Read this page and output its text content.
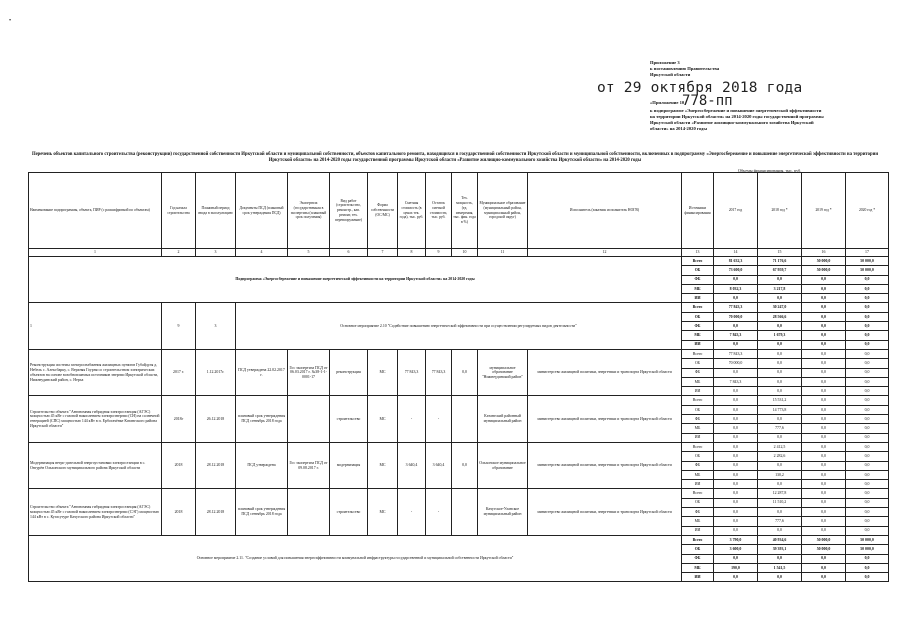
•
Приложение 3
к постановлению Правительства
Иркутской области
«Приложение 10
к подпрограмме «Энергосбережение и повышение энергетической эффективности
на территории Иркутской области» на 2014-2020 годы государственной программы
Иркутской области «Развитие жилищно-коммунального хозяйства Иркутской
области» на 2014-2020 годы
от 29 октября 2018 года
778-пп
Перечень объектов капитального строительства (реконструкции) государственной собственности Иркутской области и муниципальной собственности, объектов капитального ремонта, находящихся в государственной собственности Иркутской области и муниципальной собственности, включенных в подпрограмму «Энергосбережение и повышение энергетической эффективности на территории Иркутской области» на 2014-2020 годы государственной программы Иркутской области «Развитие жилищно-коммунального хозяйства Иркутской области» на 2014-2020 годы
Объемы финансирования, тыс. руб.
Наименование подпрограммы, объекта, ПИР (с расшифровкой по объектам)	Год начала строительства	Плановый период ввода в эксплуатацию	Документы ПСД (плановый срок утверждения ПСД)	Экспертиза (государственная в экспертизы (плановый срок получения)	Вид работ (строительство, реконстр., кап. ремонт, тех. перевооружение)	Форма собственности (ОС/МС)	Сметная стоимость (в ценах тек. года), тыс. руб.	Остаток сметной стоимости, тыс. руб.	Тех. мощность, (ед. измерения, тыс. фин. года в %)	Муниципальное образование (муниципальный район, муниципальный район, городской округ)	Исполнитель (заказчик исполнитель НОГВ)	Источники финансирования	2017 год	2018 год *	2019 год *	2020 год *
1	2	3	4	5	6	7	8	9	10	11	12	13	14	15	16	17
Подпрограмма «Энергосбережение и повышение энергетической эффективности на территории Иркутской области» на 2014-2020 годы												Всего	81 632,3	71 176,6	50 000,0	50 000,0
												ОБ	73 600,0	67 959,7	50 000,0	50 000,0
												ФБ	0,0	0,0	0,0	0,0
												МБ	8 032,3	3 217,8	0,0	0,0
												ИИ	0,0	0,0	0,0	0,0
1	9	3	Основное мероприятие 2.10 "Содействие повышению энергетической эффективности при осуществлении регулируемых видов деятельности"									Всего	77 843,3	30 247,0	0,0	0,0
												ОБ	70 000,0	28 566,6	0,0	0,0
												ФБ	0,0	0,0	0,0	0,0
												МБ	7 843,3	1 679,3	0,0	0,0
												ИИ	0,0	0,0	0,0	0,0
Реконструкция системы электроснабжения жилищных пунктов Губайдуля д. Небель с. Алексбарку, с. Верхняя Гоурня со строительством электрических объектов на основе возобновляемых источников энергии Иркутской области, Нижнеудинский район, с. Нерха	2017 г.	1.12.2017г.	ПСД утверждена 22.02.2017 г.	Гос экспертиза ПСД от 06.03.2017 г. №38-1-1-0001-17	реконструкция	МС	77 843,3	77 843,3	0,0	муниципальное образование "Нижнеудинский район"	министерство жилищной политики, энергетики и транспорта Иркутской области	Всего	77 843,3	0,0	0,0	0,0
												ОБ	70 000,0	0,0	0,0	0,0
												ФБ	0,0	0,0	0,0	0,0
												МБ	7 843,3	0,0	0,0	0,0
												ИИ	0,0	0,0	0,0	0,0
Строительство объекта "Автономная гибридная электростанция (АГЭС) мощностью 45 кВт с газовой накоплением электроэнергии (СН) на солнечной генерацией (СПС) мощностью 144 кВт в п. Ербогачёнке Катангского района Иркутской области"	2018г	26.12.2018	плановый срок утверждения ПСД сентябрь 2018 года		строительство	МС	-	-		Катангский районный муниципальный район	министерство жилищной политики, энергетики и транспорта Иркутской области	Всего	0,0	15 531,2	0,0	0,0
												ОБ	0,0	14 773,8	0,0	0,0
												ФБ	0,0	0,0	0,0	0,0
												МБ	0,0	777,6	0,0	0,0
												ИИ	0,0	0,0	0,0	0,0
Модернизация ветро-дизельной энергоустановки электростанции в с. Онгурён Ольхонского муниципального района Иркутской области	2018	28.12.2018	ПСД утверждена	Гос экспертиза ПСД от 09.08.2017 г.	модернизация	МС	3 640,4	3 640,4	0,0	Ольхонское муниципальное образование	министерство жилищной политики, энергетики и транспорта Иркутской области	Всего	0,0	2 412,5	0,0	0,0
												ОБ	0,0	2 282,6	0,0	0,0
												ФБ	0,0	0,0	0,0	0,0
												МБ	0,0	130,2	0,0	0,0
												ИИ	0,0	0,0	0,0	0,0
Строительство объекта "Автономная гибридная электростанция (АГЭС) мощностью 45 кВт с газовой накоплением электроэнергии (СЭГ) мощностью 144 кВт в с. Кугасутуре Качугского района Иркутской области"	2018	28.12.2018	плановый срок утверждения ПСД сентябрь 2018 года		строительство	МС	-	-		Качугское-Уланское муниципальный район	министерство жилищной политики, энергетики и транспорта Иркутской области	Всего	0,0	12 287,8	0,0	0,0
												ОБ	0,0	11 510,2	0,0	0,0
												ФБ	0,0	0,0	0,0	0,0
												МБ	0,0	777,6	0,0	0,0
												ИИ	0,0	0,0	0,0	0,0
Основное мероприятие 2.11. "Создание условий для повышения энергоэффективности коммунальной инфраструктуры государственной и муниципальной собственности Иркутской области"												Всего	3 790,0	40 934,6	50 000,0	50 000,0
												ОБ	3 600,0	39 393,1	50 000,0	50 000,0
												ФБ	0,0	0,0	0,0	0,0
												МБ	190,0	1 541,5	0,0	0,0
												ИИ	0,0	0,0	0,0	0,0
